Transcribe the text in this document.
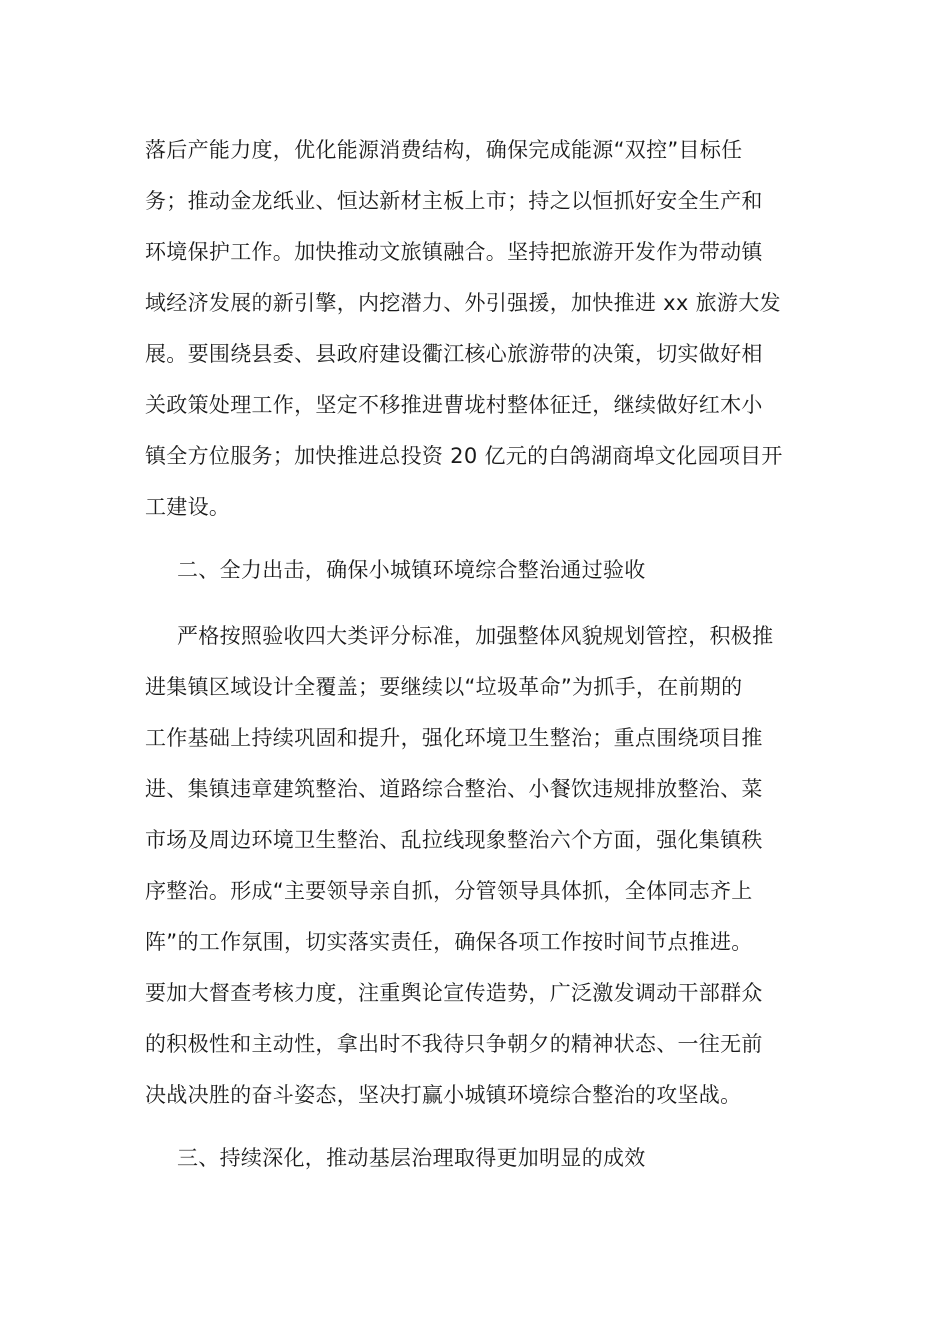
落后产能力度，优化能源消费结构，确保完成能源“双控”目标任
务；推动金龙纸业、恒达新材主板上市；持之以恒抓好安全生产和
环境保护工作。加快推动文旅镇融合。坚持把旅游开发作为带动镇
域经济发展的新引擎，内挖潜力、外引强援，加快推进 xx 旅游大发
展。要围绕县委、县政府建设衢江核心旅游带的决策，切实做好相
关政策处理工作，坚定不移推进曹垅村整体征迁，继续做好红木小
镇全方位服务；加快推进总投资 20 亿元的白鸽湖商埠文化园项目开
工建设。
二、全力出击，确保小城镇环境综合整治通过验收
严格按照验收四大类评分标准，加强整体风貌规划管控，积极推
进集镇区域设计全覆盖；要继续以“垃圾革命”为抓手，在前期的
工作基础上持续巩固和提升，强化环境卫生整治；重点围绕项目推
进、集镇违章建筑整治、道路综合整治、小餐饮违规排放整治、菜
市场及周边环境卫生整治、乱拉线现象整治六个方面，强化集镇秩
序整治。形成“主要领导亲自抓，分管领导具体抓，全体同志齐上
阵”的工作氛围，切实落实责任，确保各项工作按时间节点推进。
要加大督查考核力度，注重舆论宣传造势，广泛激发调动干部群众
的积极性和主动性，拿出时不我待只争朝夕的精神状态、一往无前
决战决胜的奋斗姿态，坚决打赢小城镇环境综合整治的攻坚战。
三、持续深化，推动基层治理取得更加明显的成效
